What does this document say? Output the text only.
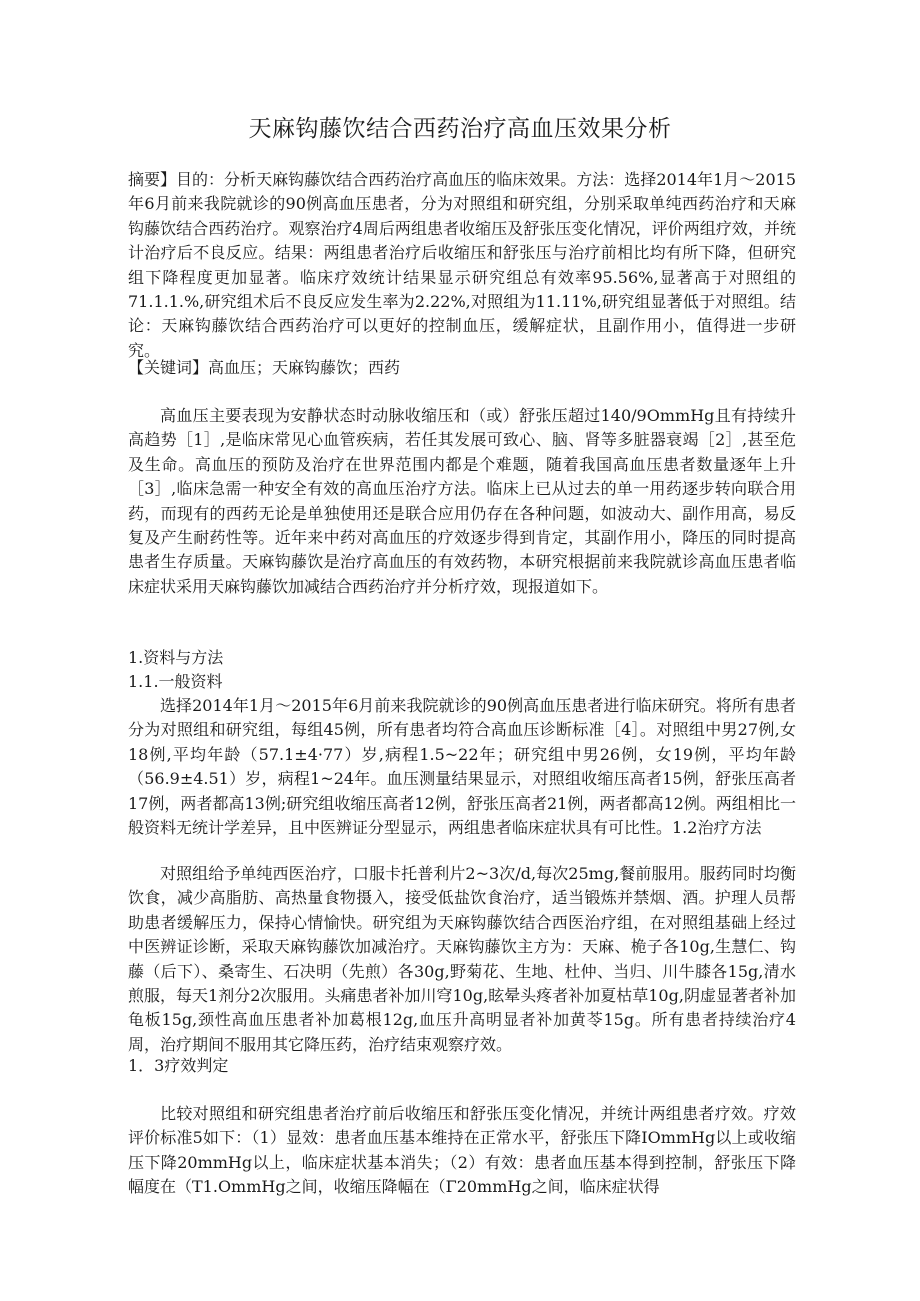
天麻钩藤饮结合西药治疗高血压效果分析

摘要】目的：分析天麻钩藤饮结合西药治疗高血压的临床效果。方法：选择2014年1月～2015年6月前来我院就诊的90例高血压患者，分为对照组和研究组，分别采取单纯西药治疗和天麻钩藤饮结合西药治疗。观察治疗4周后两组患者收缩压及舒张压变化情况，评价两组疗效，并统计治疗后不良反应。结果：两组患者治疗后收缩压和舒张压与治疗前相比均有所下降，但研究组下降程度更加显著。临床疗效统计结果显示研究组总有效率95.56%,显著高于对照组的71.1.1.%,研究组术后不良反应发生率为2.22%,对照组为11.11%,研究组显著低于对照组。结论：天麻钩藤饮结合西药治疗可以更好的控制血压，缓解症状，且副作用小，值得进一步研究。

【关键词】高血压；天麻钩藤饮；西药

高血压主要表现为安静状态时动脉收缩压和（或）舒张压超过140/9OmmHg且有持续升高趋势［1］,是临床常见心血管疾病，若任其发展可致心、脑、肾等多脏器衰竭［2］,甚至危及生命。高血压的预防及治疗在世界范围内都是个难题，随着我国高血压患者数量逐年上升［3］,临床急需一种安全有效的高血压治疗方法。临床上已从过去的单一用药逐步转向联合用药，而现有的西药无论是单独使用还是联合应用仍存在各种问题，如波动大、副作用高，易反复及产生耐药性等。近年来中药对高血压的疗效逐步得到肯定，其副作用小，降压的同时提高患者生存质量。天麻钩藤饮是治疗高血压的有效药物，本研究根据前来我院就诊高血压患者临床症状采用天麻钩藤饮加减结合西药治疗并分析疗效，现报道如下。

1.资料与方法

1.1.一般资料

选择2014年1月～2015年6月前来我院就诊的90例高血压患者进行临床研究。将所有患者分为对照组和研究组，每组45例，所有患者均符合高血压诊断标准［4］。对照组中男27例,女18例,平均年龄（57.1±4·77）岁,病程1.5~22年；研究组中男26例，女19例，平均年龄（56.9±4.51）岁，病程1~24年。血压测量结果显示，对照组收缩压高者15例，舒张压高者17例，两者都高13例;研究组收缩压高者12例，舒张压高者21例，两者都高12例。两组相比一般资料无统计学差异，且中医辨证分型显示，两组患者临床症状具有可比性。1.2治疗方法

对照组给予单纯西医治疗，口服卡托普利片2~3次/d,每次25mg,餐前服用。服药同时均衡饮食，减少高脂肪、高热量食物摄入，接受低盐饮食治疗，适当锻炼并禁烟、酒。护理人员帮助患者缓解压力，保持心情愉快。研究组为天麻钩藤饮结合西医治疗组，在对照组基础上经过中医辨证诊断，采取天麻钩藤饮加减治疗。天麻钩藤饮主方为：天麻、桅子各10g,生慧仁、钩藤（后下）、桑寄生、石决明（先煎）各30g,野菊花、生地、杜仲、当归、川牛膝各15g,清水煎服，每天1剂分2次服用。头痛患者补加川穹10g,眩晕头疼者补加夏枯草10g,阴虚显著者补加龟板15g,颈性高血压患者补加葛根12g,血压升高明显者补加黄苓15g。所有患者持续治疗4周，治疗期间不服用其它降压药，治疗结束观察疗效。

1．3疗效判定

比较对照组和研究组患者治疗前后收缩压和舒张压变化情况，并统计两组患者疗效。疗效评价标准5如下：（1）显效：患者血压基本维持在正常水平，舒张压下降IOmmHg以上或收缩压下降20mmHg以上，临床症状基本消失；（2）有效：患者血压基本得到控制，舒张压下降幅度在（T1.OmmHg之间，收缩压降幅在（Γ20mmHg之间，临床症状得
